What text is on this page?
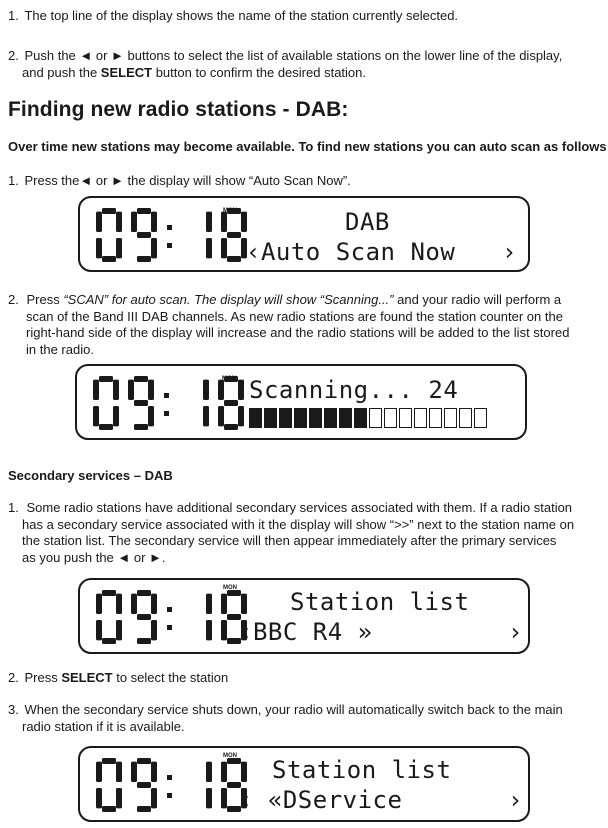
1. The top line of the display shows the name of the station currently selected.
2. Push the ◄ or ► buttons to select the list of available stations on the lower line of the display,
and push the SELECT button to confirm the desired station.
Finding new radio stations - DAB:
Over time new stations may become available. To find new stations you can auto scan as follows
1. Press the◄ or ► the display will show “Auto Scan Now”.
MON	DAB
‹Auto Scan Now ›
2. Press “SCAN” for auto scan. The display will show “Scanning...” and your radio will perform a
scan of the Band III DAB channels. As new radio stations are found the station counter on the
right-hand side of the display will increase and the radio stations will be added to the list stored
in the radio.
MON Scanning... 24
Secondary services – DAB
1. Some radio stations have additional secondary services associated with them. If a radio station
has a secondary service associated with it the display will show “>>” next to the station name on
the station list. The secondary service will then appear immediately after the primary services
as you push the ◄ or ►.
MON Station list
‹BBC R4 »	›
2. Press SELECT to select the station
3. When the secondary service shuts down, your radio will automatically switch back to the main
radio station if it is available.
MON Station list
‹ «DService	›
